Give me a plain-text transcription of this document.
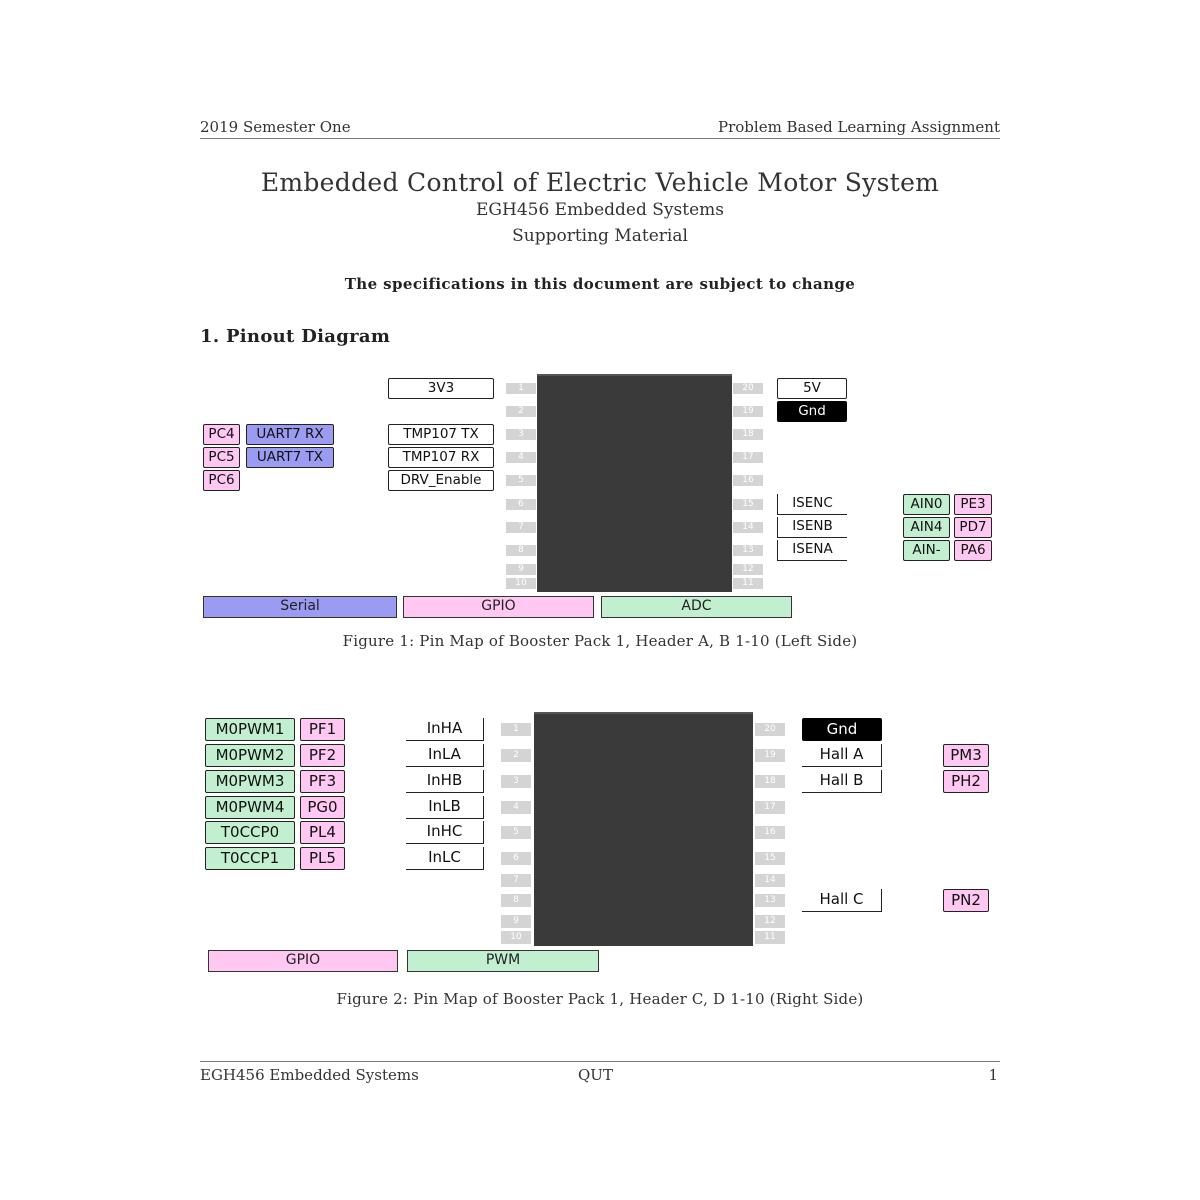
2019 Semester One	Problem Based Learning Assignment
Embedded Control of Electric Vehicle Motor System
EGH456 Embedded Systems
Supporting Material
The specifications in this document are subject to change
1. Pinout Diagram
1
2
3
4
5
6
7
8
9
10
20
19
18
17
16
15
14
13
12
11
3V3
TMP107 TX
TMP107 RX
DRV_Enable
5V
Gnd
ISENC
ISENB
ISENA
PC4	UART7 RX
PC5	UART7 TX
PC6
AIN0	PE3
AIN4	PD7
AIN-	PA6
Serial	GPIO	ADC
Figure 1: Pin Map of Booster Pack 1, Header A, B 1-10 (Left Side)
1
2
3
4
5
6
7
8
9
10
20
19
18
17
16
15
14
13
12
11
InHA
InLA
InHB
InLB
InHC
InLC
Gnd
Hall A
Hall B
Hall C
M0PWM1	PF1
M0PWM2	PF2
M0PWM3	PF3
M0PWM4	PG0
T0CCP0	PL4
T0CCP1	PL5
PM3
PH2
PN2
GPIO	PWM
Figure 2: Pin Map of Booster Pack 1, Header C, D 1-10 (Right Side)
EGH456 Embedded Systems	QUT	1
